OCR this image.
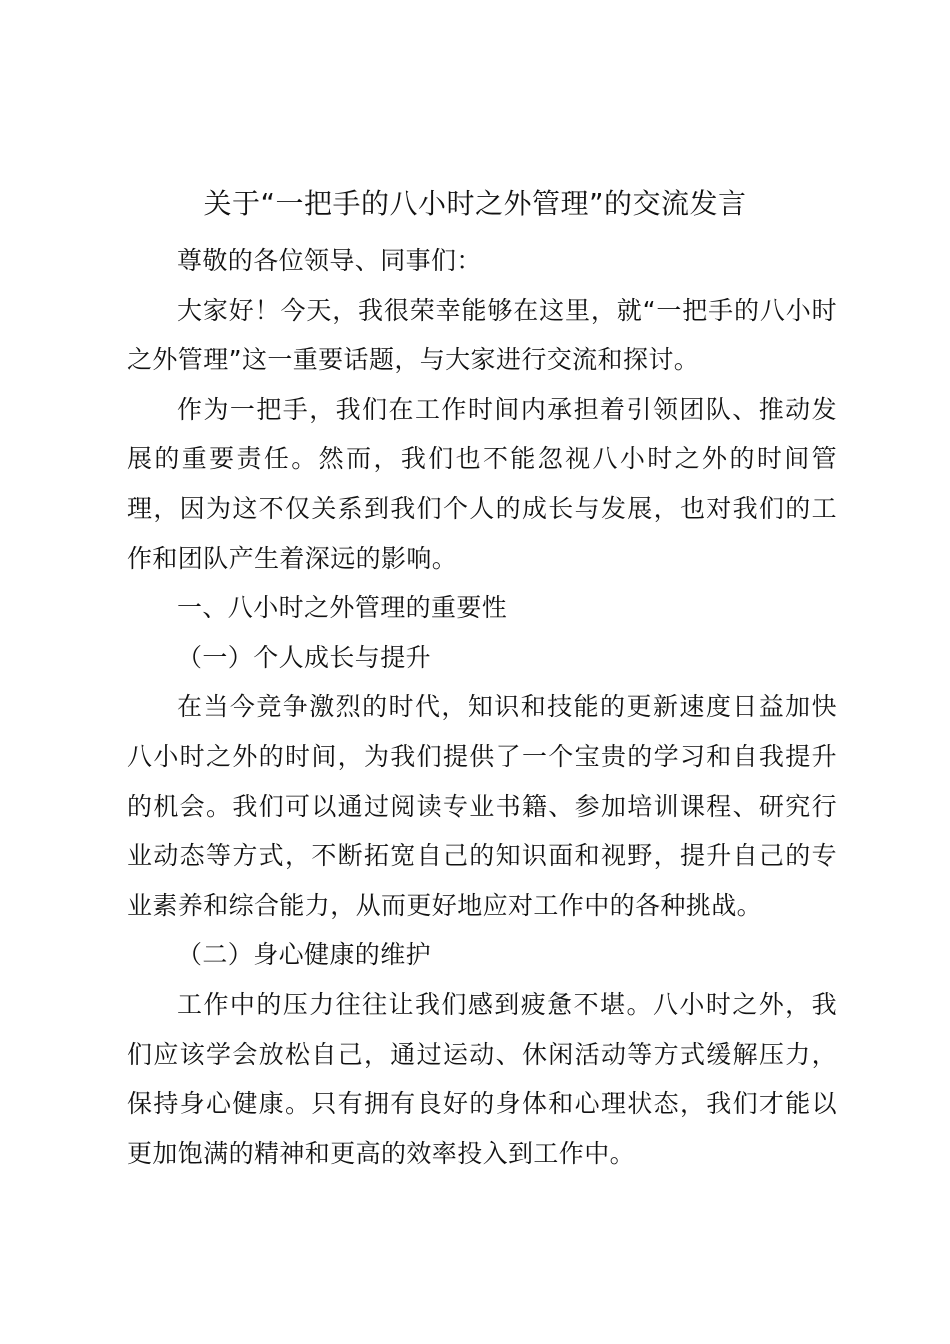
关于“一把手的八小时之外管理”的交流发言

尊敬的各位领导、同事们：

大家好！今天，我很荣幸能够在这里，就“一把手的八小时之外管理”这一重要话题，与大家进行交流和探讨。

作为一把手，我们在工作时间内承担着引领团队、推动发展的重要责任。然而，我们也不能忽视八小时之外的时间管理，因为这不仅关系到我们个人的成长与发展，也对我们的工作和团队产生着深远的影响。

一、八小时之外管理的重要性

（一）个人成长与提升

在当今竞争激烈的时代，知识和技能的更新速度日益加快八小时之外的时间，为我们提供了一个宝贵的学习和自我提升的机会。我们可以通过阅读专业书籍、参加培训课程、研究行业动态等方式，不断拓宽自己的知识面和视野，提升自己的专业素养和综合能力，从而更好地应对工作中的各种挑战。

（二）身心健康的维护

工作中的压力往往让我们感到疲惫不堪。八小时之外，我们应该学会放松自己，通过运动、休闲活动等方式缓解压力，保持身心健康。只有拥有良好的身体和心理状态，我们才能以更加饱满的精神和更高的效率投入到工作中。
